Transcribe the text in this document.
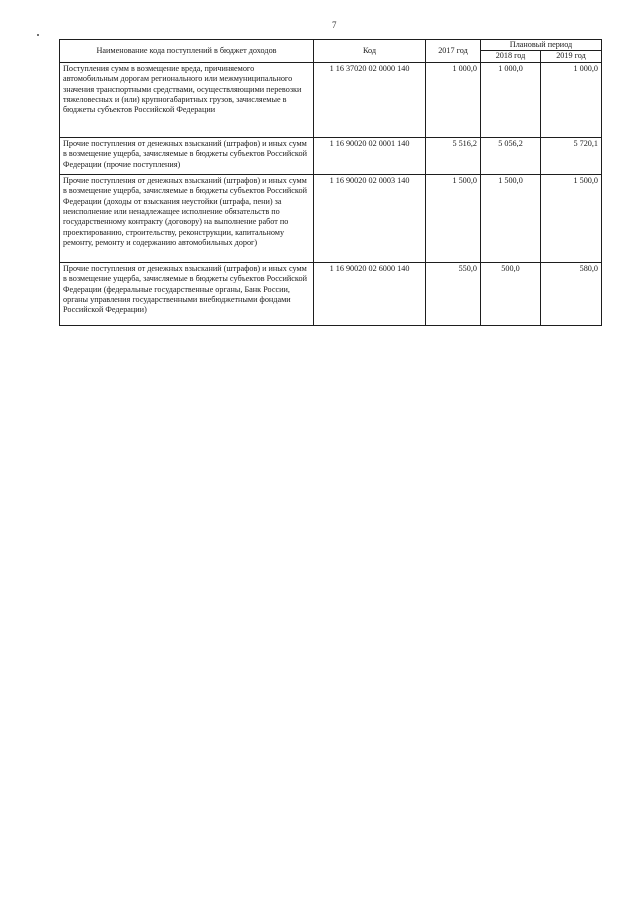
7
Наименование кода поступлений в бюджет доходов	Код	2017 год	Плановый период	
			2018 год	2019 год
Поступления сумм в возмещение вреда, причиняемого автомобильным дорогам регионального или межмуниципального значения транспортными средствами, осуществляющими перевозки тяжеловесных и (или) крупногабаритных грузов, зачисляемые в бюджеты субъектов Российской Федерации	1 16 37020 02 0000 140	1 000,0	1 000,0	1 000,0
Прочие поступления от денежных взысканий (штрафов) и иных сумм в возмещение ущерба, зачисляемые в бюджеты субъектов Российской Федерации (прочие поступления)	1 16 90020 02 0001 140	5 516,2	5 056,2	5 720,1
Прочие поступления от денежных взысканий (штрафов) и иных сумм в возмещение ущерба, зачисляемые в бюджеты субъектов Российской Федерации (доходы от взыскания неустойки (штрафа, пени) за неисполнение или ненадлежащее исполнение обязательств по государственному контракту (договору) на выполнение работ по проектированию, строительству, реконструкции, капитальному ремонту, ремонту и содержанию автомобильных дорог)	1 16 90020 02 0003 140	1 500,0	1 500,0	1 500,0
Прочие поступления от денежных взысканий (штрафов) и иных сумм в возмещение ущерба, зачисляемые в бюджеты субъектов Российской Федерации (федеральные государственные органы, Банк России, органы управления государственными внебюджетными фондами Российской Федерации)	1 16 90020 02 6000 140	550,0	500,0	580,0
